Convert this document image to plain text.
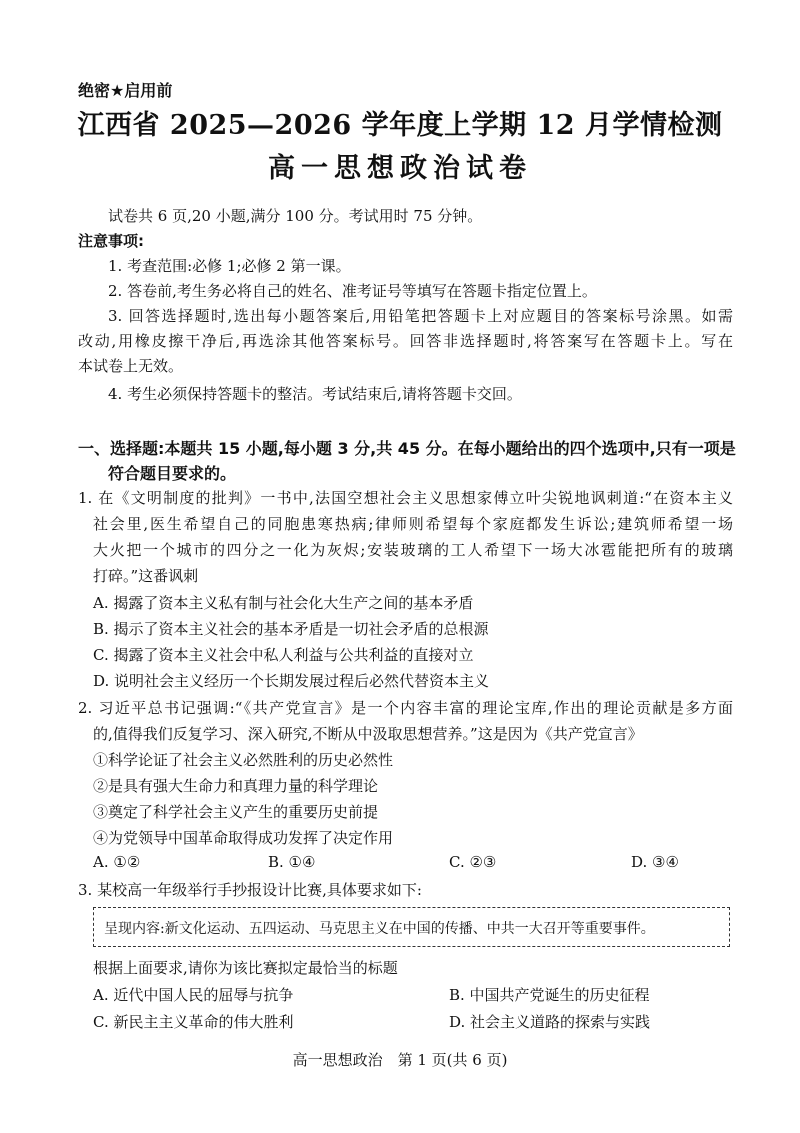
绝密★启用前
江西省 2025—2026 学年度上学期 12 月学情检测
高一思想政治试卷
试卷共 6 页,20 小题,满分 100 分。考试用时 75 分钟。
注意事项:
1. 考查范围:必修 1;必修 2 第一课。
2. 答卷前,考生务必将自己的姓名、准考证号等填写在答题卡指定位置上。
3. 回答选择题时,选出每小题答案后,用铅笔把答题卡上对应题目的答案标号涂黑。如需
改动,用橡皮擦干净后,再选涂其他答案标号。回答非选择题时,将答案写在答题卡上。写在
本试卷上无效。
4. 考生必须保持答题卡的整洁。考试结束后,请将答题卡交回。
一、选择题:本题共 15 小题,每小题 3 分,共 45 分。在每小题给出的四个选项中,只有一项是
符合题目要求的。
1. 在《文明制度的批判》一书中,法国空想社会主义思想家傅立叶尖锐地讽刺道:“在资本主义
社会里,医生希望自己的同胞患寒热病;律师则希望每个家庭都发生诉讼;建筑师希望一场
大火把一个城市的四分之一化为灰烬;安装玻璃的工人希望下一场大冰雹能把所有的玻璃
打碎。”这番讽刺
A. 揭露了资本主义私有制与社会化大生产之间的基本矛盾
B. 揭示了资本主义社会的基本矛盾是一切社会矛盾的总根源
C. 揭露了资本主义社会中私人利益与公共利益的直接对立
D. 说明社会主义经历一个长期发展过程后必然代替资本主义
2. 习近平总书记强调:“《共产党宣言》是一个内容丰富的理论宝库,作出的理论贡献是多方面
的,值得我们反复学习、深入研究,不断从中汲取思想营养。”这是因为《共产党宣言》
①科学论证了社会主义必然胜利的历史必然性
②是具有强大生命力和真理力量的科学理论
③奠定了科学社会主义产生的重要历史前提
④为党领导中国革命取得成功发挥了决定作用
A. ①②	B. ①④	C. ②③	D. ③④
3. 某校高一年级举行手抄报设计比赛,具体要求如下:
呈现内容:新文化运动、五四运动、马克思主义在中国的传播、中共一大召开等重要事件。
根据上面要求,请你为该比赛拟定最恰当的标题
A. 近代中国人民的屈辱与抗争	B. 中国共产党诞生的历史征程
C. 新民主主义革命的伟大胜利	D. 社会主义道路的探索与实践
高一思想政治　第 1 页(共 6 页)
